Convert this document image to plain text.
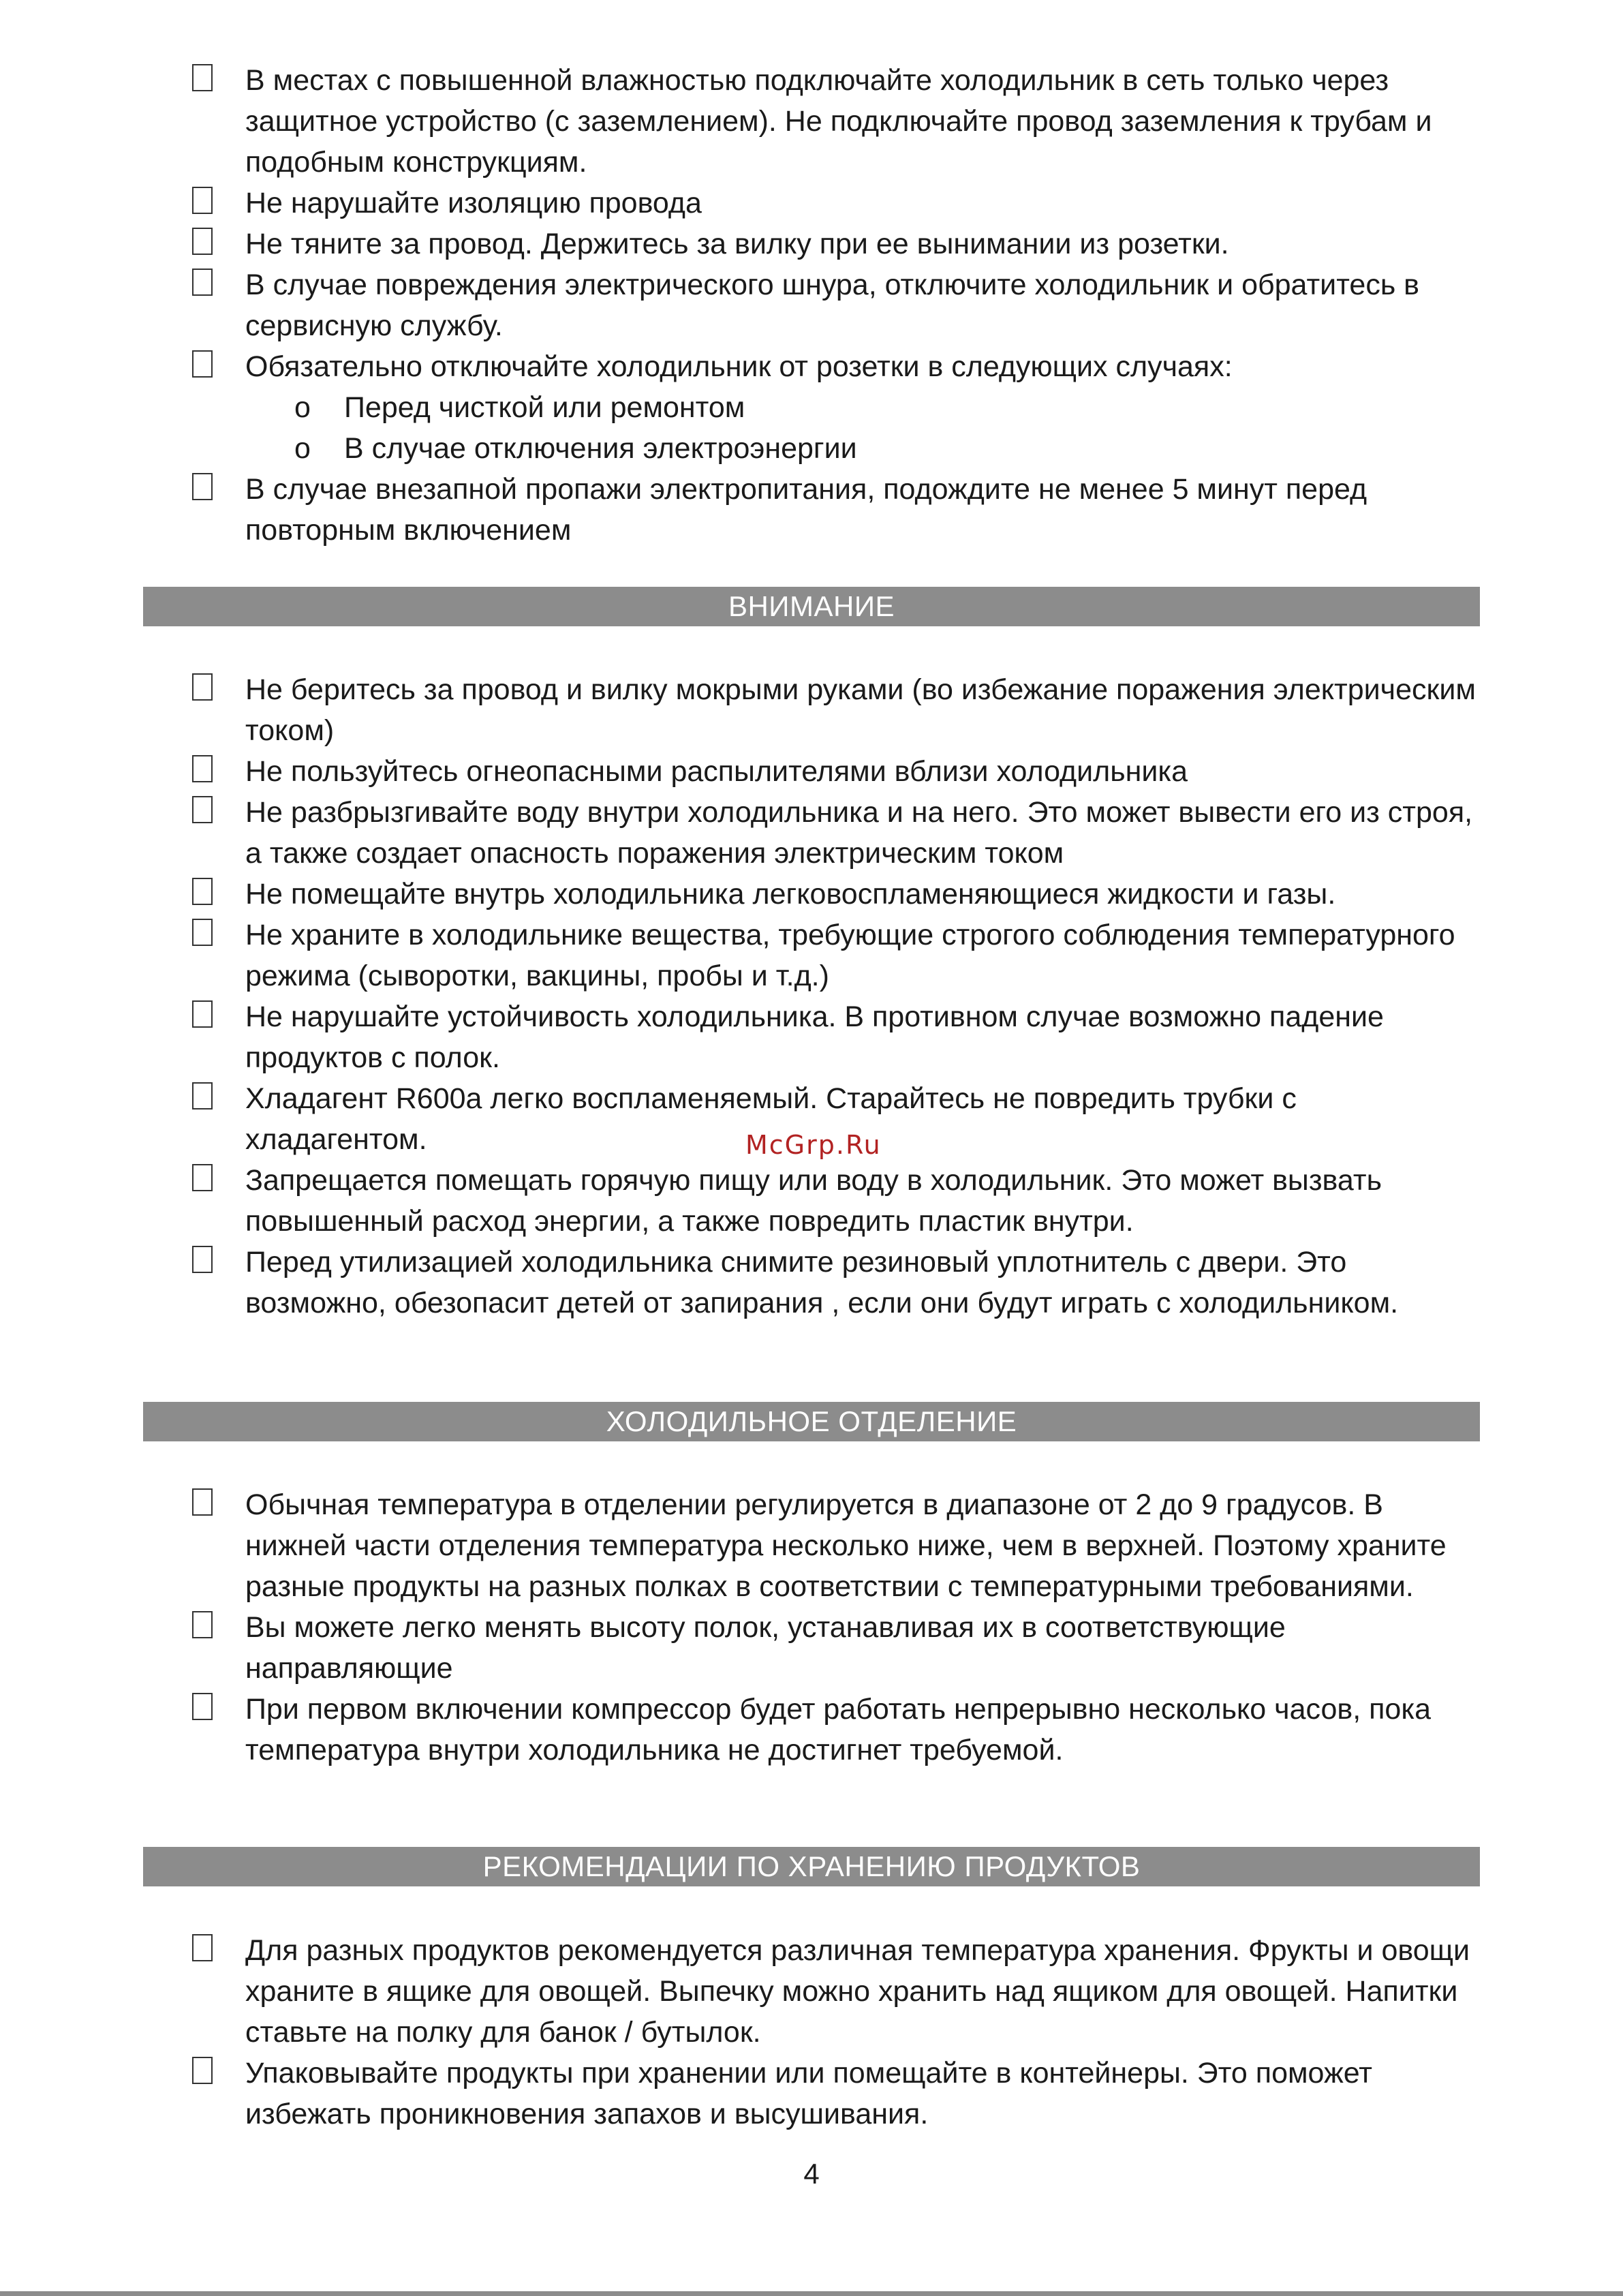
В местах с повышенной влажностью подключайте холодильник в сеть только через защитное устройство (с заземлением). Не подключайте провод заземления к трубам и подобным конструкциям.
Не нарушайте изоляцию провода
Не тяните за провод. Держитесь за вилку при ее вынимании из розетки.
В случае повреждения электрического шнура, отключите холодильник и обратитесь в сервисную службу.
Обязательно отключайте холодильник от розетки в следующих случаях:
o Перед чисткой или ремонтом
o В случае отключения электроэнергии
В случае внезапной пропажи электропитания, подождите не менее 5 минут перед повторным включением
ВНИМАНИЕ
Не беритесь за провод и вилку мокрыми руками (во избежание поражения электрическим током)
Не пользуйтесь огнеопасными распылителями вблизи холодильника
Не разбрызгивайте воду внутри холодильника и на него. Это может вывести его из строя, а также создает опасность поражения электрическим током
Не помещайте внутрь холодильника легковоспламеняющиеся жидкости и газы.
Не храните в холодильнике вещества, требующие строгого соблюдения температурного режима (сыворотки, вакцины, пробы и т.д.)
Не нарушайте устойчивость холодильника. В противном случае возможно падение продуктов с полок.
Хладагент R600a легко воспламеняемый. Старайтесь не повредить трубки с хладагентом.
Запрещается помещать горячую пищу или воду в холодильник. Это может вызвать повышенный расход энергии, а также повредить пластик внутри.
Перед утилизацией холодильника снимите резиновый уплотнитель с двери. Это возможно, обезопасит детей от запирания , если они будут играть с холодильником.
McGrp.Ru
ХОЛОДИЛЬНОЕ ОТДЕЛЕНИЕ
Обычная температура в отделении регулируется в диапазоне от 2 до 9 градусов. В нижней части отделения температура несколько ниже, чем в верхней. Поэтому храните разные продукты на разных полках в соответствии с температурными требованиями.
Вы можете легко менять высоту полок, устанавливая их в соответствующие направляющие
При первом включении компрессор будет работать непрерывно несколько часов, пока температура внутри холодильника не достигнет требуемой.
РЕКОМЕНДАЦИИ ПО ХРАНЕНИЮ ПРОДУКТОВ
Для разных продуктов рекомендуется различная температура хранения. Фрукты и овощи храните в ящике для овощей. Выпечку можно хранить над ящиком для овощей. Напитки ставьте на полку для банок / бутылок.
Упаковывайте продукты при хранении или помещайте в контейнеры. Это поможет избежать проникновения запахов и высушивания.
4
